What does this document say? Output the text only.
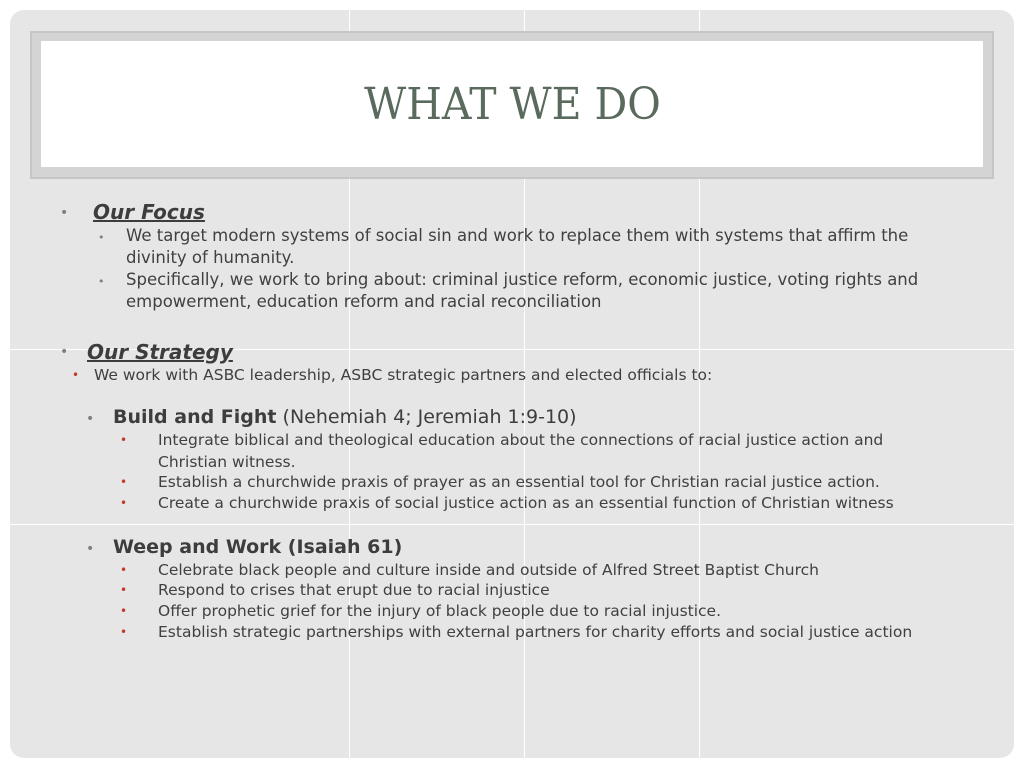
WHAT WE DO
• Our Focus
• We target modern systems of social sin and work to replace them with systems that affirm the
divinity of humanity.
• Specifically, we work to bring about: criminal justice reform, economic justice, voting rights and
empowerment, education reform and racial reconciliation
• Our Strategy
• We work with ASBC leadership, ASBC strategic partners and elected officials to:
• Build and Fight (Nehemiah 4; Jeremiah 1:9-10)
• Integrate biblical and theological education about the connections of racial justice action and
Christian witness.
• Establish a churchwide praxis of prayer as an essential tool for Christian racial justice action.
• Create a churchwide praxis of social justice action as an essential function of Christian witness
• Weep and Work (Isaiah 61)
• Celebrate black people and culture inside and outside of Alfred Street Baptist Church
• Respond to crises that erupt due to racial injustice
• Offer prophetic grief for the injury of black people due to racial injustice.
• Establish strategic partnerships with external partners for charity efforts and social justice action
